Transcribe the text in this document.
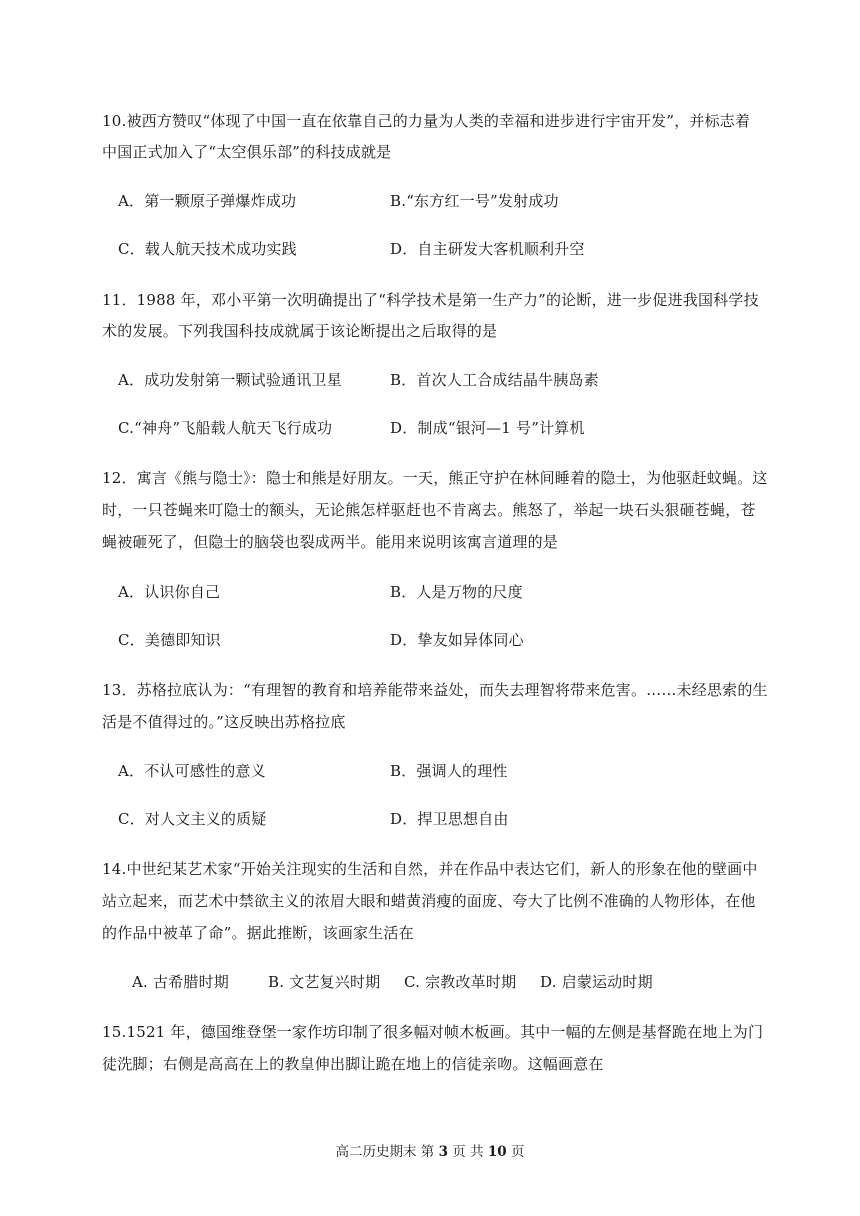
10.被西方赞叹“体现了中国一直在依靠自己的力量为人类的幸福和进步进行宇宙开发”，并标志着
中国正式加入了“太空俱乐部”的科技成就是
A．第一颗原子弹爆炸成功	B.“东方红一号”发射成功
C．载人航天技术成功实践	D．自主研发大客机顺利升空
11．1988 年，邓小平第一次明确提出了“科学技术是第一生产力”的论断，进一步促进我国科学技
术的发展。下列我国科技成就属于该论断提出之后取得的是
A．成功发射第一颗试验通讯卫星	B．首次人工合成结晶牛胰岛素
C.“神舟”飞船载人航天飞行成功	D．制成“银河—1 号”计算机
12．寓言《熊与隐士》：隐士和熊是好朋友。一天，熊正守护在林间睡着的隐士，为他驱赶蚊蝇。这
时，一只苍蝇来叮隐士的额头，无论熊怎样驱赶也不肯离去。熊怒了，举起一块石头狠砸苍蝇，苍
蝇被砸死了，但隐士的脑袋也裂成两半。能用来说明该寓言道理的是
A．认识你自己	B．人是万物的尺度
C．美德即知识	D．挚友如异体同心
13．苏格拉底认为：“有理智的教育和培养能带来益处，而失去理智将带来危害。……未经思索的生
活是不值得过的。”这反映出苏格拉底
A．不认可感性的意义	B．强调人的理性
C．对人文主义的质疑	D．捍卫思想自由
14.中世纪某艺术家“开始关注现实的生活和自然，并在作品中表达它们，新人的形象在他的壁画中
站立起来，而艺术中禁欲主义的浓眉大眼和蜡黄消瘦的面庞、夸大了比例不准确的人物形体，在他
的作品中被革了命”。据此推断，该画家生活在
A. 古希腊时期	B. 文艺复兴时期 C. 宗教改革时期 D. 启蒙运动时期
15.1521 年，德国维登堡一家作坊印制了很多幅对帧木板画。其中一幅的左侧是基督跪在地上为门
徒洗脚；右侧是高高在上的教皇伸出脚让跪在地上的信徒亲吻。这幅画意在
高二历史期末 第 3 页 共 10 页
